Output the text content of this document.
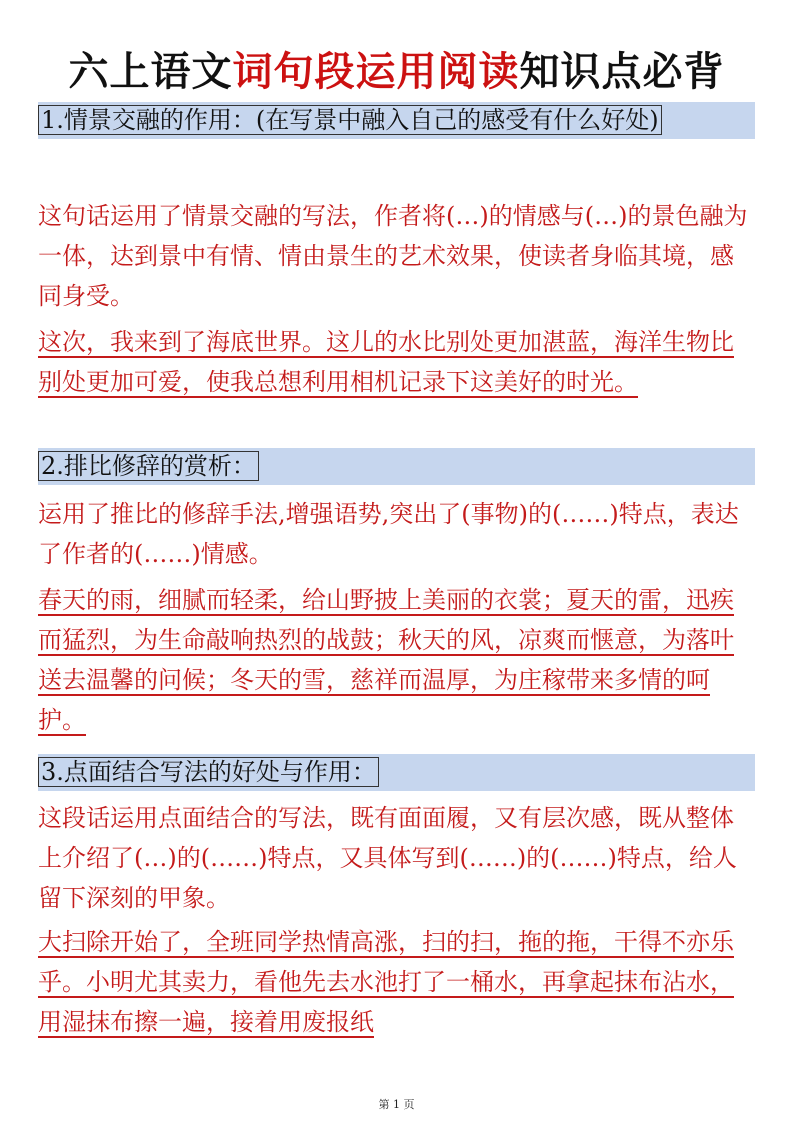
六上语文词句段运用阅读知识点必背
1.情景交融的作用：(在写景中融入自己的感受有什么好处)
这句话运用了情景交融的写法，作者将(…)的情感与(…)的景色融为一体，达到景中有情、情由景生的艺术效果，使读者身临其境，感同身受。
这次，我来到了海底世界。这儿的水比别处更加湛蓝，海洋生物比别处更加可爱，使我总想利用相机记录下这美好的时光。
2.排比修辞的赏析：
运用了推比的修辞手法,增强语势,突出了(事物)的(……)特点，表达了作者的(……)情感。
春天的雨，细腻而轻柔，给山野披上美丽的衣裳；夏天的雷，迅疾而猛烈，为生命敲响热烈的战鼓；秋天的风，凉爽而惬意，为落叶送去温馨的问候；冬天的雪，慈祥而温厚，为庄稼带来多情的呵护。
3.点面结合写法的好处与作用：
这段话运用点面结合的写法，既有面面履，又有层次感，既从整体上介绍了(…)的(……)特点，又具体写到(……)的(……)特点，给人留下深刻的甲象。
大扫除开始了，全班同学热情高涨，扫的扫，拖的拖，干得不亦乐乎。小明尤其卖力，看他先去水池打了一桶水，再拿起抹布沾水，用湿抹布擦一遍，接着用废报纸
第 1 页
